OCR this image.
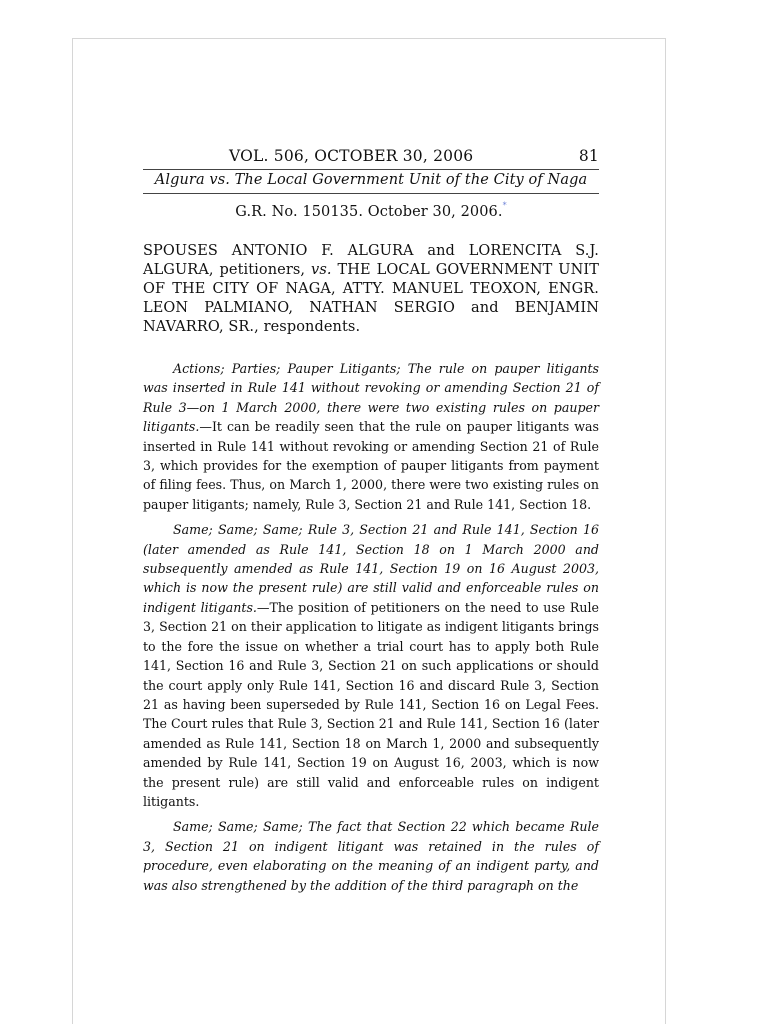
VOL. 506, OCTOBER 30, 2006	81
Algura vs. The Local Government Unit of the City of Naga
G.R. No. 150135. October 30, 2006.*
SPOUSES ANTONIO F. ALGURA and LORENCITA S.J. ALGURA, petitioners, vs. THE LOCAL GOVERNMENT UNIT OF THE CITY OF NAGA, ATTY. MANUEL TEOXON, ENGR. LEON PALMIANO, NATHAN SERGIO and BENJAMIN NAVARRO, SR., respondents.

Actions; Parties; Pauper Litigants; The rule on pauper litigants was inserted in Rule 141 without revoking or amending Section 21 of Rule 3—on 1 March 2000, there were two existing rules on pauper litigants.—It can be readily seen that the rule on pauper litigants was inserted in Rule 141 without revoking or amending Section 21 of Rule 3, which provides for the exemption of pauper litigants from payment of filing fees. Thus, on March 1, 2000, there were two existing rules on pauper litigants; namely, Rule 3, Section 21 and Rule 141, Section 18.

Same; Same; Same; Rule 3, Section 21 and Rule 141, Section 16 (later amended as Rule 141, Section 18 on 1 March 2000 and subsequently amended as Rule 141, Section 19 on 16 August 2003, which is now the present rule) are still valid and enforceable rules on indigent litigants.—The position of petitioners on the need to use Rule 3, Section 21 on their application to litigate as indigent litigants brings to the fore the issue on whether a trial court has to apply both Rule 141, Section 16 and Rule 3, Section 21 on such applications or should the court apply only Rule 141, Section 16 and discard Rule 3, Section 21 as having been superseded by Rule 141, Section 16 on Legal Fees. The Court rules that Rule 3, Section 21 and Rule 141, Section 16 (later amended as Rule 141, Section 18 on March 1, 2000 and subsequently amended by Rule 141, Section 19 on August 16, 2003, which is now the present rule) are still valid and enforceable rules on indigent litigants.

Same; Same; Same; The fact that Section 22 which became Rule 3, Section 21 on indigent litigant was retained in the rules of procedure, even elaborating on the meaning of an indigent party, and was also strengthened by the addition of the third paragraph on the
